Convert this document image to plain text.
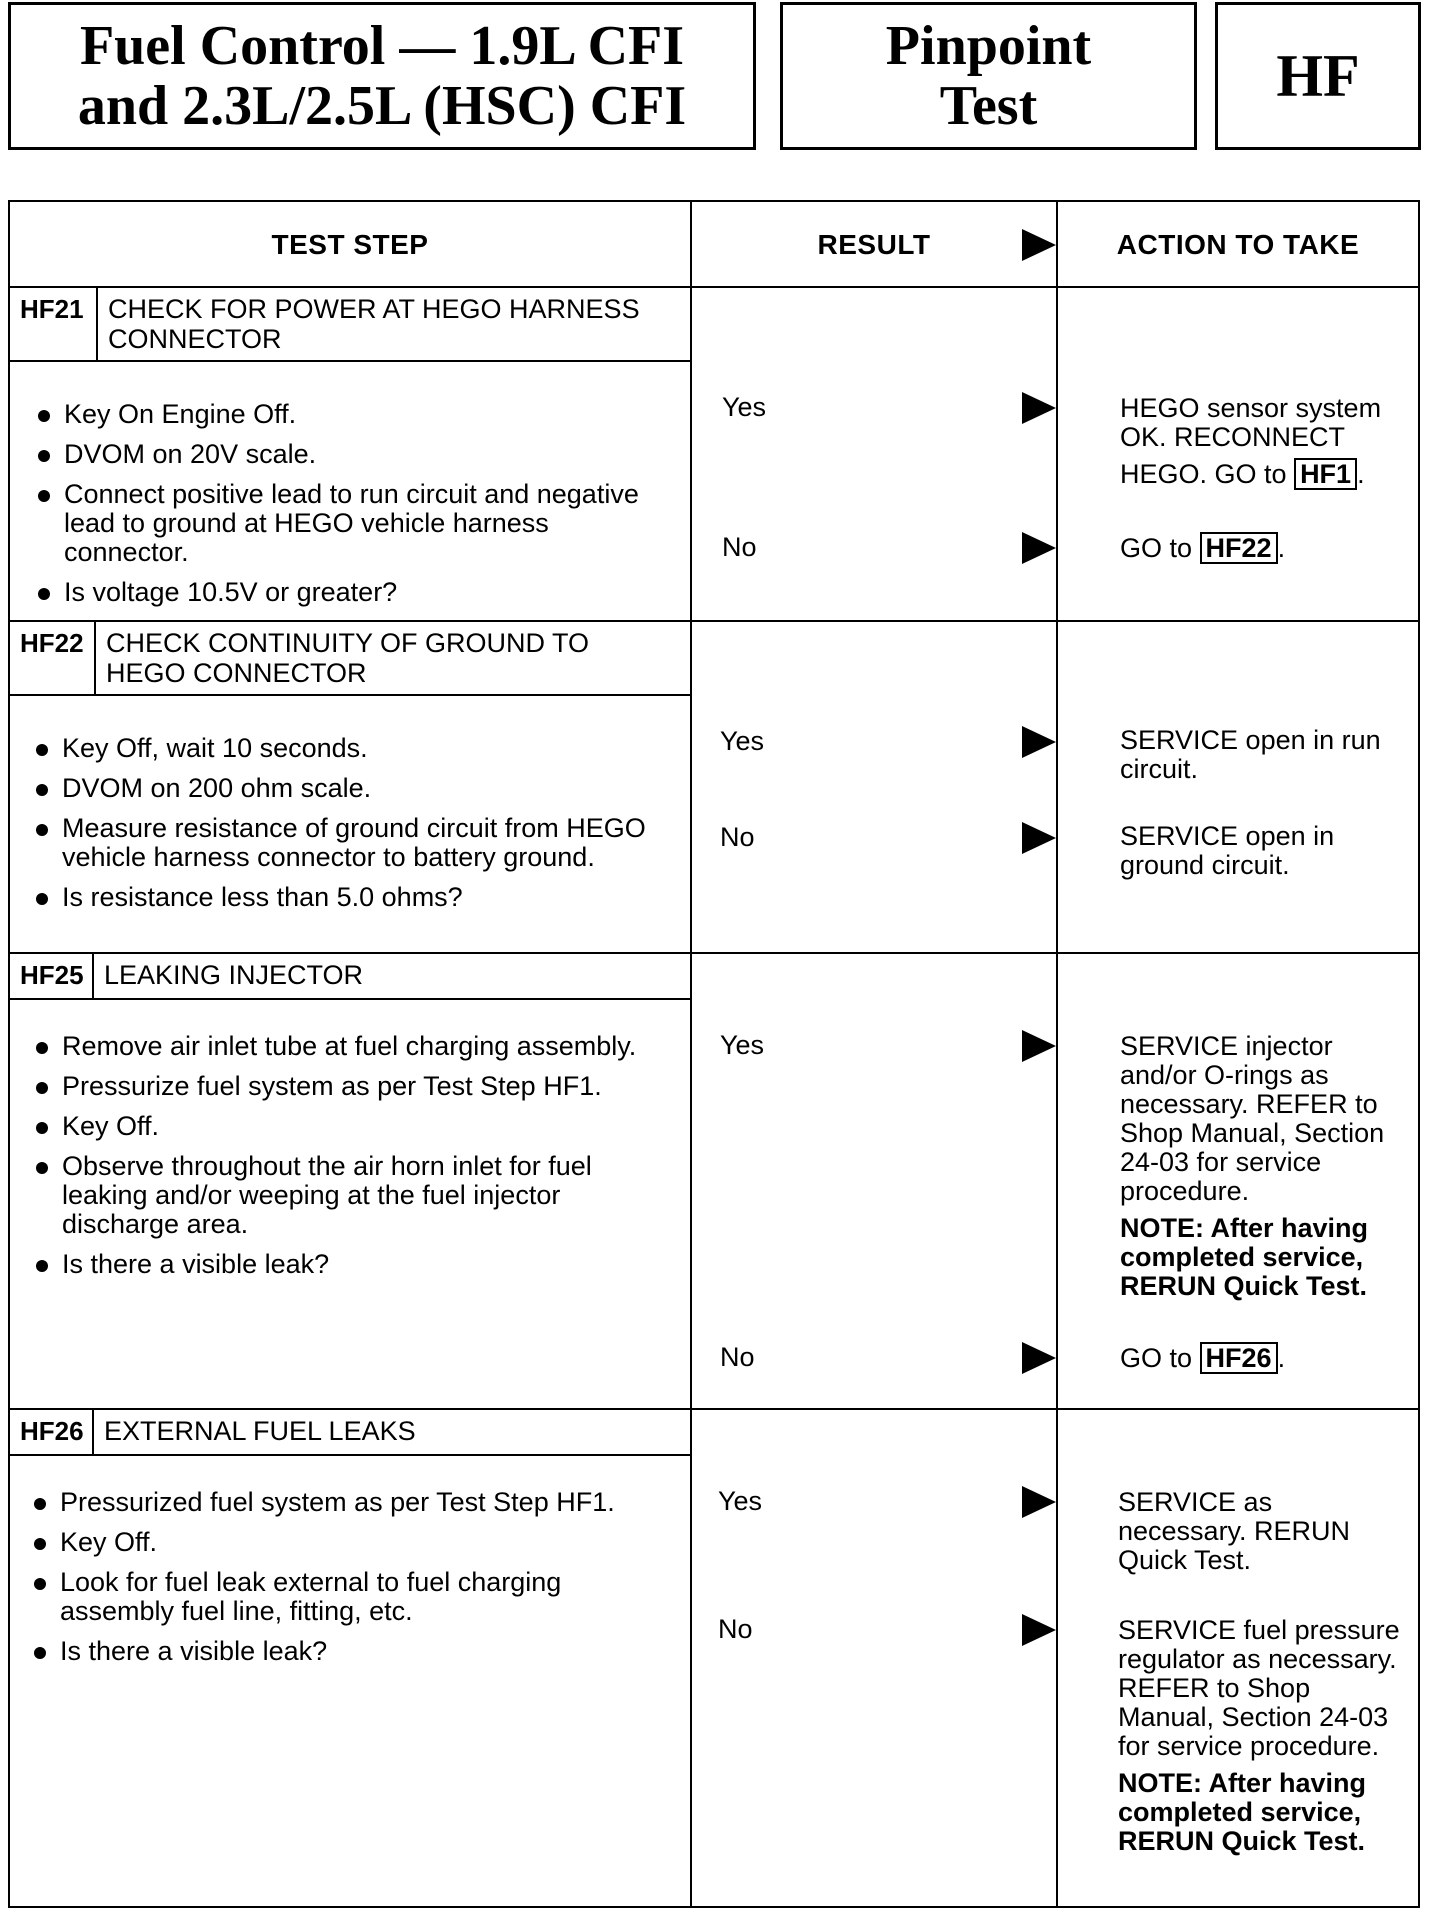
Fuel Control — 1.9L CFI
and 2.3L/2.5L (HSC) CFI
Pinpoint
Test	HF
TEST STEP	RESULT	ACTION TO TAKE
HF21 CHECK FOR POWER AT HEGO HARNESS
CONNECTOR
Key On Engine Off.
DVOM on 20V scale.
Connect positive lead to run circuit and negative lead to ground at HEGO vehicle harness connector.
Is voltage 10.5V or greater?
Yes	HEGO sensor system
OK. RECONNECT
HEGO. GO to HF1 .
No	GO to HF22 .
HF22 CHECK CONTINUITY OF GROUND TO
HEGO CONNECTOR
Key Off, wait 10 seconds.
DVOM on 200 ohm scale.
Measure resistance of ground circuit from HEGO vehicle harness connector to battery ground.
Is resistance less than 5.0 ohms?
Yes	SERVICE open in run circuit.
No	SERVICE open in ground circuit.
HF25 LEAKING INJECTOR
Remove air inlet tube at fuel charging assembly.
Pressurize fuel system as per Test Step HF1.
Key Off.
Observe throughout the air horn inlet for fuel leaking and/or weeping at the fuel injector discharge area.
Is there a visible leak?
Yes	SERVICE injector and/or O-rings as necessary. REFER to Shop Manual, Section 24-03 for service procedure.
NOTE: After having completed service, RERUN Quick Test.
No	GO to HF26 .
HF26 EXTERNAL FUEL LEAKS
Pressurized fuel system as per Test Step HF1.
Key Off.
Look for fuel leak external to fuel charging assembly fuel line, fitting, etc.
Is there a visible leak?
Yes	SERVICE as necessary. RERUN Quick Test.
No	SERVICE fuel pressure regulator as necessary. REFER to Shop Manual, Section 24-03 for service procedure.
NOTE: After having completed service, RERUN Quick Test.
